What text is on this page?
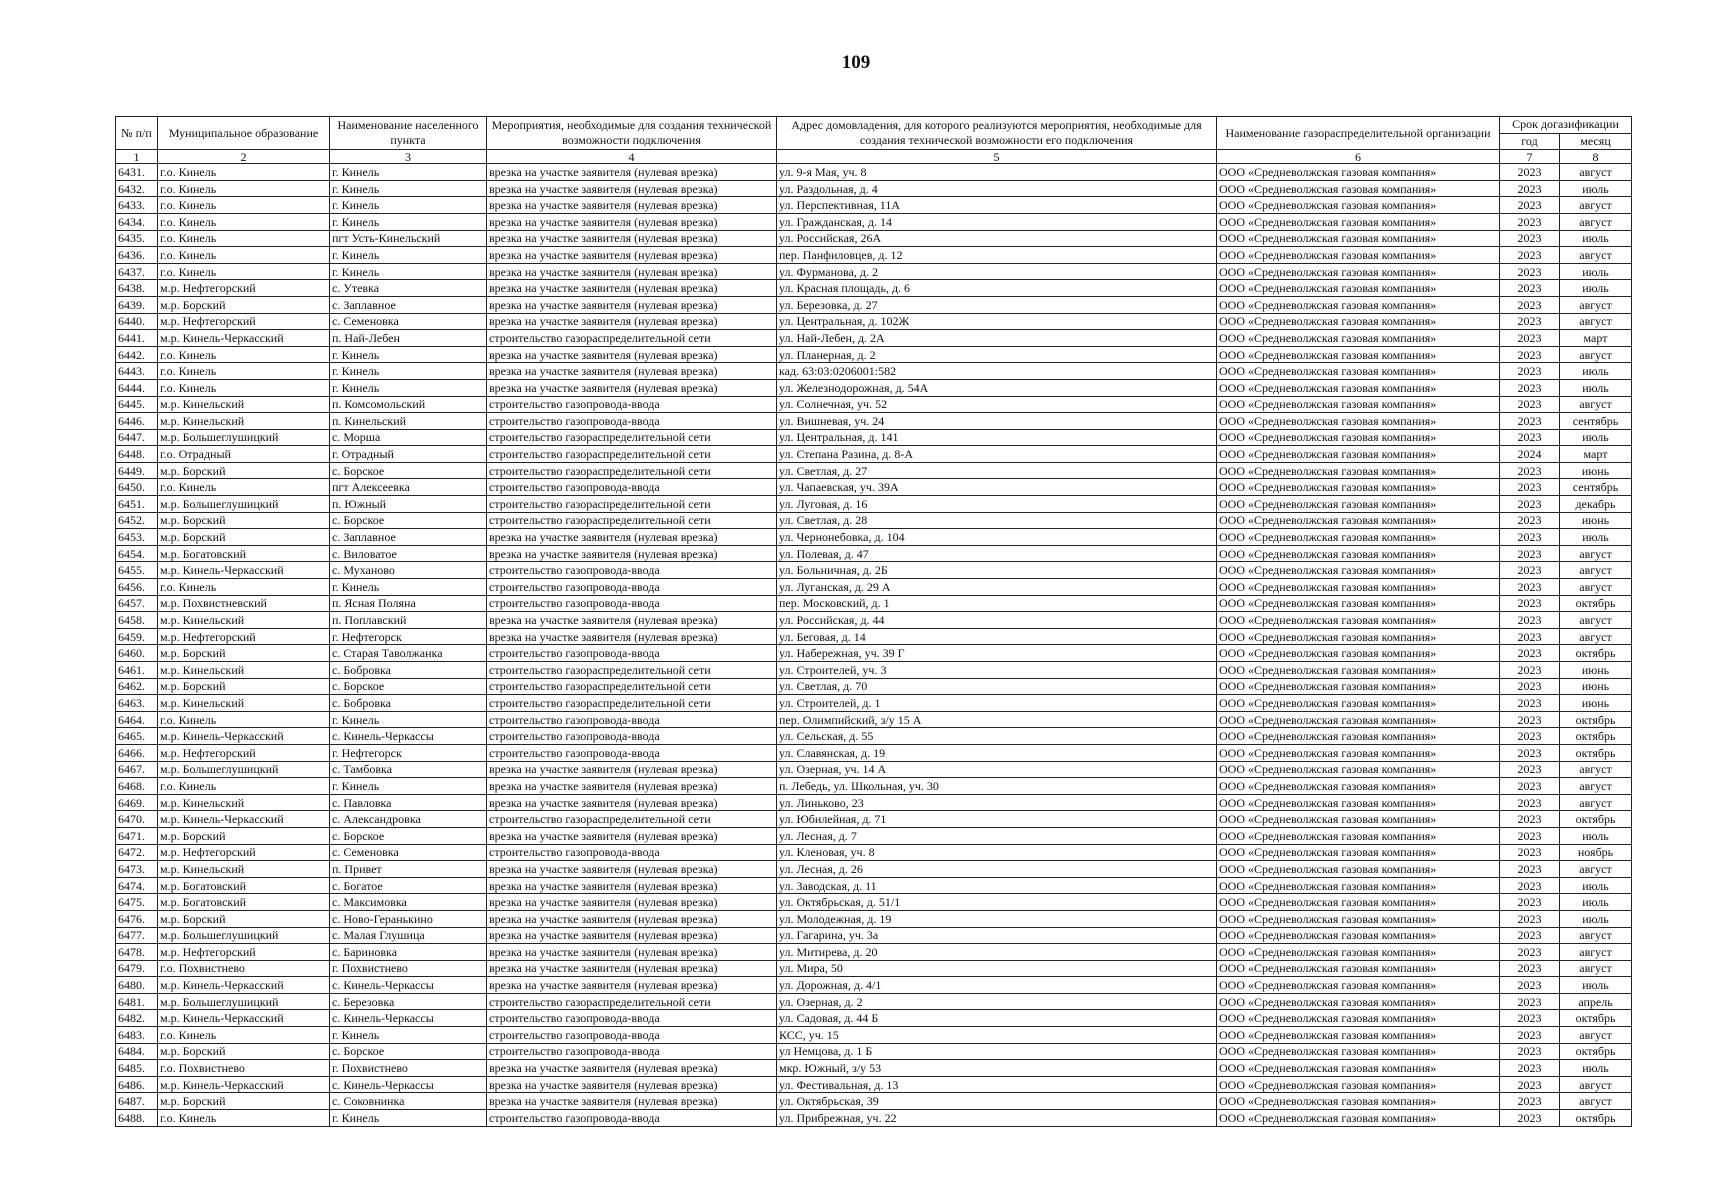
109
№ п/п	Муниципальное образование	Наименование населенного пункта	Мероприятия, необходимые для создания технической возможности подключения	Адрес домовладения, для которого реализуются мероприятия, необходимые для создания технической возможности его подключения	Наименование газораспределительной организации	Срок догазификации	
						год	месяц
1	2	3	4	5	6	7	8
6431.	г.о. Кинель	г. Кинель	врезка на участке заявителя (нулевая врезка)	ул. 9-я Мая, уч. 8	ООО «Средневолжская газовая компания»	2023	август
6432.	г.о. Кинель	г. Кинель	врезка на участке заявителя (нулевая врезка)	ул. Раздольная, д. 4	ООО «Средневолжская газовая компания»	2023	июль
6433.	г.о. Кинель	г. Кинель	врезка на участке заявителя (нулевая врезка)	ул. Перспективная, 11А	ООО «Средневолжская газовая компания»	2023	август
6434.	г.о. Кинель	г. Кинель	врезка на участке заявителя (нулевая врезка)	ул. Гражданская, д. 14	ООО «Средневолжская газовая компания»	2023	август
6435.	г.о. Кинель	пгт Усть-Кинельский	врезка на участке заявителя (нулевая врезка)	ул. Российская, 26А	ООО «Средневолжская газовая компания»	2023	июль
6436.	г.о. Кинель	г. Кинель	врезка на участке заявителя (нулевая врезка)	пер. Панфиловцев, д. 12	ООО «Средневолжская газовая компания»	2023	август
6437.	г.о. Кинель	г. Кинель	врезка на участке заявителя (нулевая врезка)	ул. Фурманова, д. 2	ООО «Средневолжская газовая компания»	2023	июль
6438.	м.р. Нефтегорский	с. Утевка	врезка на участке заявителя (нулевая врезка)	ул. Красная площадь, д. 6	ООО «Средневолжская газовая компания»	2023	июль
6439.	м.р. Борский	с. Заплавное	врезка на участке заявителя (нулевая врезка)	ул. Березовка, д. 27	ООО «Средневолжская газовая компания»	2023	август
6440.	м.р. Нефтегорский	с. Семеновка	врезка на участке заявителя (нулевая врезка)	ул. Центральная, д. 102Ж	ООО «Средневолжская газовая компания»	2023	август
6441.	м.р. Кинель-Черкасский	п. Най-Лебен	строительство газораспределительной сети	ул. Най-Лебен, д. 2А	ООО «Средневолжская газовая компания»	2023	март
6442.	г.о. Кинель	г. Кинель	врезка на участке заявителя (нулевая врезка)	ул. Планерная, д. 2	ООО «Средневолжская газовая компания»	2023	август
6443.	г.о. Кинель	г. Кинель	врезка на участке заявителя (нулевая врезка)	кад. 63:03:0206001:582	ООО «Средневолжская газовая компания»	2023	июль
6444.	г.о. Кинель	г. Кинель	врезка на участке заявителя (нулевая врезка)	ул. Железнодорожная, д. 54А	ООО «Средневолжская газовая компания»	2023	июль
6445.	м.р. Кинельский	п. Комсомольский	строительство газопровода-ввода	ул. Солнечная, уч. 52	ООО «Средневолжская газовая компания»	2023	август
6446.	м.р. Кинельский	п. Кинельский	строительство газопровода-ввода	ул. Вишневая, уч. 24	ООО «Средневолжская газовая компания»	2023	сентябрь
6447.	м.р. Большеглушицкий	с. Морша	строительство газораспределительной сети	ул. Центральная, д. 141	ООО «Средневолжская газовая компания»	2023	июль
6448.	г.о. Отрадный	г. Отрадный	строительство газораспределительной сети	ул. Степана Разина, д. 8-А	ООО «Средневолжская газовая компания»	2024	март
6449.	м.р. Борский	с. Борское	строительство газораспределительной сети	ул. Светлая, д. 27	ООО «Средневолжская газовая компания»	2023	июнь
6450.	г.о. Кинель	пгт Алексеевка	строительство газопровода-ввода	ул. Чапаевская, уч. 39А	ООО «Средневолжская газовая компания»	2023	сентябрь
6451.	м.р. Большеглушицкий	п. Южный	строительство газораспределительной сети	ул. Луговая, д. 16	ООО «Средневолжская газовая компания»	2023	декабрь
6452.	м.р. Борский	с. Борское	строительство газораспределительной сети	ул. Светлая, д. 28	ООО «Средневолжская газовая компания»	2023	июнь
6453.	м.р. Борский	с. Заплавное	врезка на участке заявителя (нулевая врезка)	ул. Чернонебовка, д. 104	ООО «Средневолжская газовая компания»	2023	июль
6454.	м.р. Богатовский	с. Виловатое	врезка на участке заявителя (нулевая врезка)	ул. Полевая, д. 47	ООО «Средневолжская газовая компания»	2023	август
6455.	м.р. Кинель-Черкасский	с. Муханово	строительство газопровода-ввода	ул. Больничная, д. 2Б	ООО «Средневолжская газовая компания»	2023	август
6456.	г.о. Кинель	г. Кинель	строительство газопровода-ввода	ул. Луганская, д. 29 А	ООО «Средневолжская газовая компания»	2023	август
6457.	м.р. Похвистневский	п. Ясная Поляна	строительство газопровода-ввода	пер. Московский, д. 1	ООО «Средневолжская газовая компания»	2023	октябрь
6458.	м.р. Кинельский	п. Поплавский	врезка на участке заявителя (нулевая врезка)	ул. Российская, д. 44	ООО «Средневолжская газовая компания»	2023	август
6459.	м.р. Нефтегорский	г. Нефтегорск	врезка на участке заявителя (нулевая врезка)	ул. Беговая, д. 14	ООО «Средневолжская газовая компания»	2023	август
6460.	м.р. Борский	с. Старая Таволжанка	строительство газопровода-ввода	ул. Набережная, уч. 39 Г	ООО «Средневолжская газовая компания»	2023	октябрь
6461.	м.р. Кинельский	с. Бобровка	строительство газораспределительной сети	ул. Строителей, уч. 3	ООО «Средневолжская газовая компания»	2023	июнь
6462.	м.р. Борский	с. Борское	строительство газораспределительной сети	ул. Светлая, д. 70	ООО «Средневолжская газовая компания»	2023	июнь
6463.	м.р. Кинельский	с. Бобровка	строительство газораспределительной сети	ул. Строителей, д. 1	ООО «Средневолжская газовая компания»	2023	июнь
6464.	г.о. Кинель	г. Кинель	строительство газопровода-ввода	пер. Олимпийский, з/у 15 А	ООО «Средневолжская газовая компания»	2023	октябрь
6465.	м.р. Кинель-Черкасский	с. Кинель-Черкассы	строительство газопровода-ввода	ул. Сельская, д. 55	ООО «Средневолжская газовая компания»	2023	октябрь
6466.	м.р. Нефтегорский	г. Нефтегорск	строительство газопровода-ввода	ул. Славянская, д. 19	ООО «Средневолжская газовая компания»	2023	октябрь
6467.	м.р. Большеглушицкий	с. Тамбовка	врезка на участке заявителя (нулевая врезка)	ул. Озерная, уч. 14 А	ООО «Средневолжская газовая компания»	2023	август
6468.	г.о. Кинель	г. Кинель	врезка на участке заявителя (нулевая врезка)	п. Лебедь, ул. Школьная, уч. 30	ООО «Средневолжская газовая компания»	2023	август
6469.	м.р. Кинельский	с. Павловка	врезка на участке заявителя (нулевая врезка)	ул. Линьково, 23	ООО «Средневолжская газовая компания»	2023	август
6470.	м.р. Кинель-Черкасский	с. Александровка	строительство газораспределительной сети	ул. Юбилейная, д. 71	ООО «Средневолжская газовая компания»	2023	октябрь
6471.	м.р. Борский	с. Борское	врезка на участке заявителя (нулевая врезка)	ул. Лесная, д. 7	ООО «Средневолжская газовая компания»	2023	июль
6472.	м.р. Нефтегорский	с. Семеновка	строительство газопровода-ввода	ул. Кленовая, уч. 8	ООО «Средневолжская газовая компания»	2023	ноябрь
6473.	м.р. Кинельский	п. Привет	врезка на участке заявителя (нулевая врезка)	ул. Лесная, д. 26	ООО «Средневолжская газовая компания»	2023	август
6474.	м.р. Богатовский	с. Богатое	врезка на участке заявителя (нулевая врезка)	ул. Заводская, д. 11	ООО «Средневолжская газовая компания»	2023	июль
6475.	м.р. Богатовский	с. Максимовка	врезка на участке заявителя (нулевая врезка)	ул. Октябрьская, д. 51/1	ООО «Средневолжская газовая компания»	2023	июль
6476.	м.р. Борский	с. Ново-Геранькино	врезка на участке заявителя (нулевая врезка)	ул. Молодежная, д. 19	ООО «Средневолжская газовая компания»	2023	июль
6477.	м.р. Большеглушицкий	с. Малая Глушица	врезка на участке заявителя (нулевая врезка)	ул. Гагарина, уч. 3а	ООО «Средневолжская газовая компания»	2023	август
6478.	м.р. Нефтегорский	с. Бариновка	врезка на участке заявителя (нулевая врезка)	ул. Митирева, д. 20	ООО «Средневолжская газовая компания»	2023	август
6479.	г.о. Похвистнево	г. Похвистнево	врезка на участке заявителя (нулевая врезка)	ул. Мира, 50	ООО «Средневолжская газовая компания»	2023	август
6480.	м.р. Кинель-Черкасский	с. Кинель-Черкассы	врезка на участке заявителя (нулевая врезка)	ул. Дорожная, д. 4/1	ООО «Средневолжская газовая компания»	2023	июль
6481.	м.р. Большеглушицкий	с. Березовка	строительство газораспределительной сети	ул. Озерная, д. 2	ООО «Средневолжская газовая компания»	2023	апрель
6482.	м.р. Кинель-Черкасский	с. Кинель-Черкассы	строительство газопровода-ввода	ул. Садовая, д. 44 Б	ООО «Средневолжская газовая компания»	2023	октябрь
6483.	г.о. Кинель	г. Кинель	строительство газопровода-ввода	КСС, уч. 15	ООО «Средневолжская газовая компания»	2023	август
6484.	м.р. Борский	с. Борское	строительство газопровода-ввода	ул Немцова, д. 1 Б	ООО «Средневолжская газовая компания»	2023	октябрь
6485.	г.о. Похвистнево	г. Похвистнево	врезка на участке заявителя (нулевая врезка)	мкр. Южный, з/у 53	ООО «Средневолжская газовая компания»	2023	июль
6486.	м.р. Кинель-Черкасский	с. Кинель-Черкассы	врезка на участке заявителя (нулевая врезка)	ул. Фестивальная, д. 13	ООО «Средневолжская газовая компания»	2023	август
6487.	м.р. Борский	с. Соковнинка	врезка на участке заявителя (нулевая врезка)	ул. Октябрьская, 39	ООО «Средневолжская газовая компания»	2023	август
6488.	г.о. Кинель	г. Кинель	строительство газопровода-ввода	ул. Прибрежная, уч. 22	ООО «Средневолжская газовая компания»	2023	октябрь
